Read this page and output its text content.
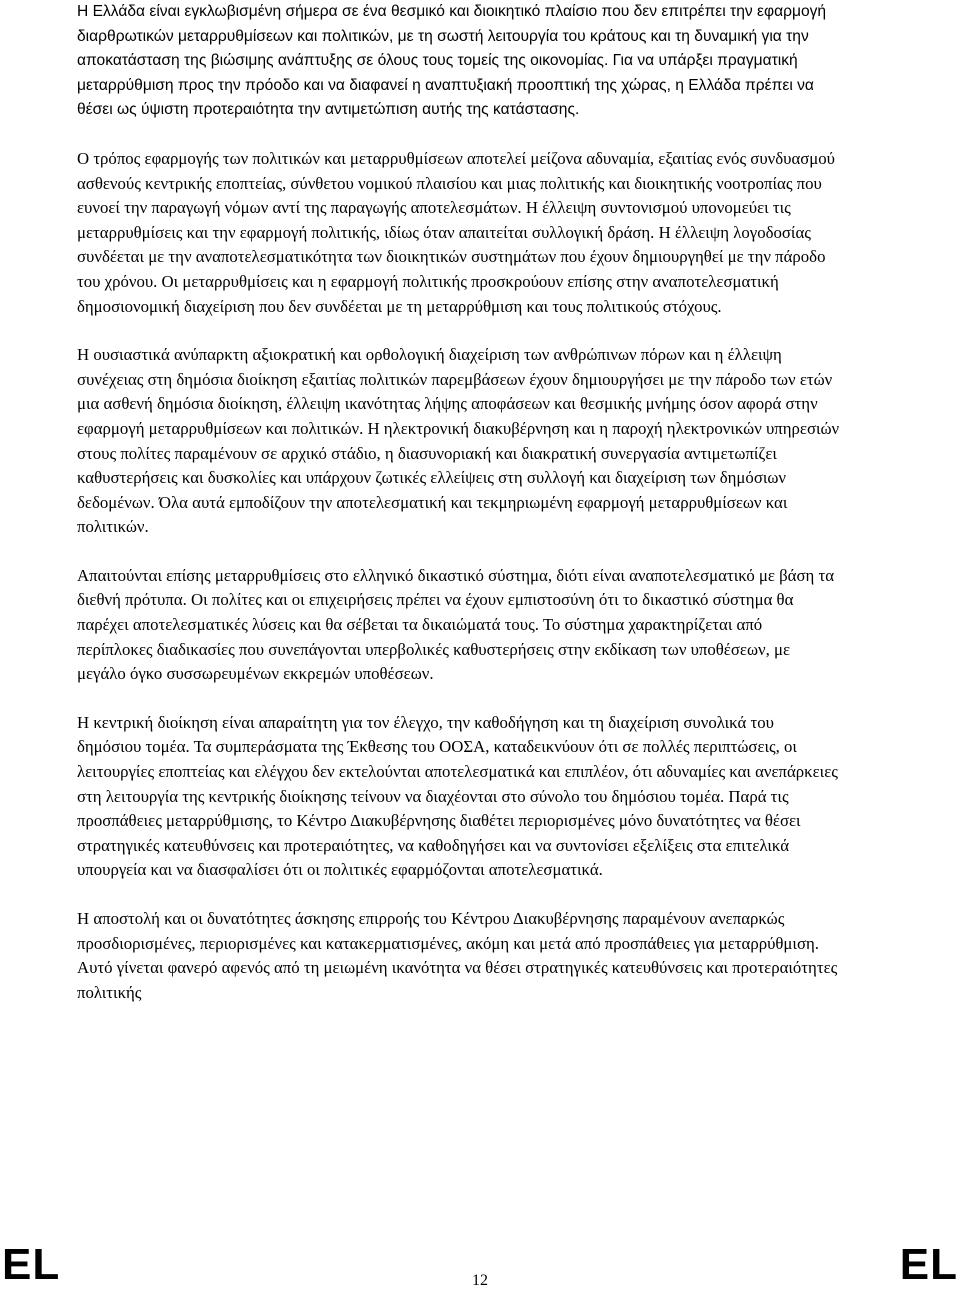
Η Ελλάδα είναι εγκλωβισμένη σήμερα σε ένα θεσμικό και διοικητικό πλαίσιο που δεν επιτρέπει την εφαρμογή διαρθρωτικών μεταρρυθμίσεων και πολιτικών, με τη σωστή λειτουργία του κράτους και τη δυναμική για την αποκατάσταση της βιώσιμης ανάπτυξης σε όλους τους τομείς της οικονομίας. Για να υπάρξει πραγματική μεταρρύθμιση προς την πρόοδο και να διαφανεί η αναπτυξιακή προοπτική της χώρας, η Ελλάδα πρέπει να θέσει ως ύψιστη προτεραιότητα την αντιμετώπιση αυτής της κατάστασης.

Ο τρόπος εφαρμογής των πολιτικών και μεταρρυθμίσεων αποτελεί μείζονα αδυναμία, εξαιτίας ενός συνδυασμού ασθενούς κεντρικής εποπτείας, σύνθετου νομικού πλαισίου και μιας πολιτικής και διοικητικής νοοτροπίας που ευνοεί την παραγωγή νόμων αντί της παραγωγής αποτελεσμάτων. Η έλλειψη συντονισμού υπονομεύει τις μεταρρυθμίσεις και την εφαρμογή πολιτικής, ιδίως όταν απαιτείται συλλογική δράση. Η έλλειψη λογοδοσίας συνδέεται με την αναποτελεσματικότητα των διοικητικών συστημάτων που έχουν δημιουργηθεί με την πάροδο του χρόνου. Οι μεταρρυθμίσεις και η εφαρμογή πολιτικής προσκρούουν επίσης στην αναποτελεσματική δημοσιονομική διαχείριση που δεν συνδέεται με τη μεταρρύθμιση και τους πολιτικούς στόχους.

Η ουσιαστικά ανύπαρκτη αξιοκρατική και ορθολογική διαχείριση των ανθρώπινων πόρων και η έλλειψη συνέχειας στη δημόσια διοίκηση εξαιτίας πολιτικών παρεμβάσεων έχουν δημιουργήσει με την πάροδο των ετών μια ασθενή δημόσια διοίκηση, έλλειψη ικανότητας λήψης αποφάσεων και θεσμικής μνήμης όσον αφορά στην εφαρμογή μεταρρυθμίσεων και πολιτικών. Η ηλεκτρονική διακυβέρνηση και η παροχή ηλεκτρονικών υπηρεσιών στους πολίτες παραμένουν σε αρχικό στάδιο, η διασυνοριακή και διακρατική συνεργασία αντιμετωπίζει καθυστερήσεις και δυσκολίες και υπάρχουν ζωτικές ελλείψεις στη συλλογή και διαχείριση των δημόσιων δεδομένων. Όλα αυτά εμποδίζουν την αποτελεσματική και τεκμηριωμένη εφαρμογή μεταρρυθμίσεων και πολιτικών.

Απαιτούνται επίσης μεταρρυθμίσεις στο ελληνικό δικαστικό σύστημα, διότι είναι αναποτελεσματικό με βάση τα διεθνή πρότυπα. Οι πολίτες και οι επιχειρήσεις πρέπει να έχουν εμπιστοσύνη ότι το δικαστικό σύστημα θα παρέχει αποτελεσματικές λύσεις και θα σέβεται τα δικαιώματά τους. Το σύστημα χαρακτηρίζεται από περίπλοκες διαδικασίες που συνεπάγονται υπερβολικές καθυστερήσεις στην εκδίκαση των υποθέσεων, με μεγάλο όγκο συσσωρευμένων εκκρεμών υποθέσεων.

Η κεντρική διοίκηση είναι απαραίτητη για τον έλεγχο, την καθοδήγηση και τη διαχείριση συνολικά του δημόσιου τομέα. Τα συμπεράσματα της Έκθεσης του ΟΟΣΑ, καταδεικνύουν ότι σε πολλές περιπτώσεις, οι λειτουργίες εποπτείας και ελέγχου δεν εκτελούνται αποτελεσματικά και επιπλέον, ότι αδυναμίες και ανεπάρκειες στη λειτουργία της κεντρικής διοίκησης τείνουν να διαχέονται στο σύνολο του δημόσιου τομέα. Παρά τις προσπάθειες μεταρρύθμισης, το Κέντρο Διακυβέρνησης διαθέτει περιορισμένες μόνο δυνατότητες να θέσει στρατηγικές κατευθύνσεις και προτεραιότητες, να καθοδηγήσει και να συντονίσει εξελίξεις στα επιτελικά υπουργεία και να διασφαλίσει ότι οι πολιτικές εφαρμόζονται αποτελεσματικά.

Η αποστολή και οι δυνατότητες άσκησης επιρροής του Κέντρου Διακυβέρνησης παραμένουν ανεπαρκώς προσδιορισμένες, περιορισμένες και κατακερματισμένες, ακόμη και μετά από προσπάθειες για μεταρρύθμιση. Αυτό γίνεται φανερό αφενός από τη μειωμένη ικανότητα να θέσει στρατηγικές κατευθύνσεις και προτεραιότητες πολιτικής

EL	12	EL
